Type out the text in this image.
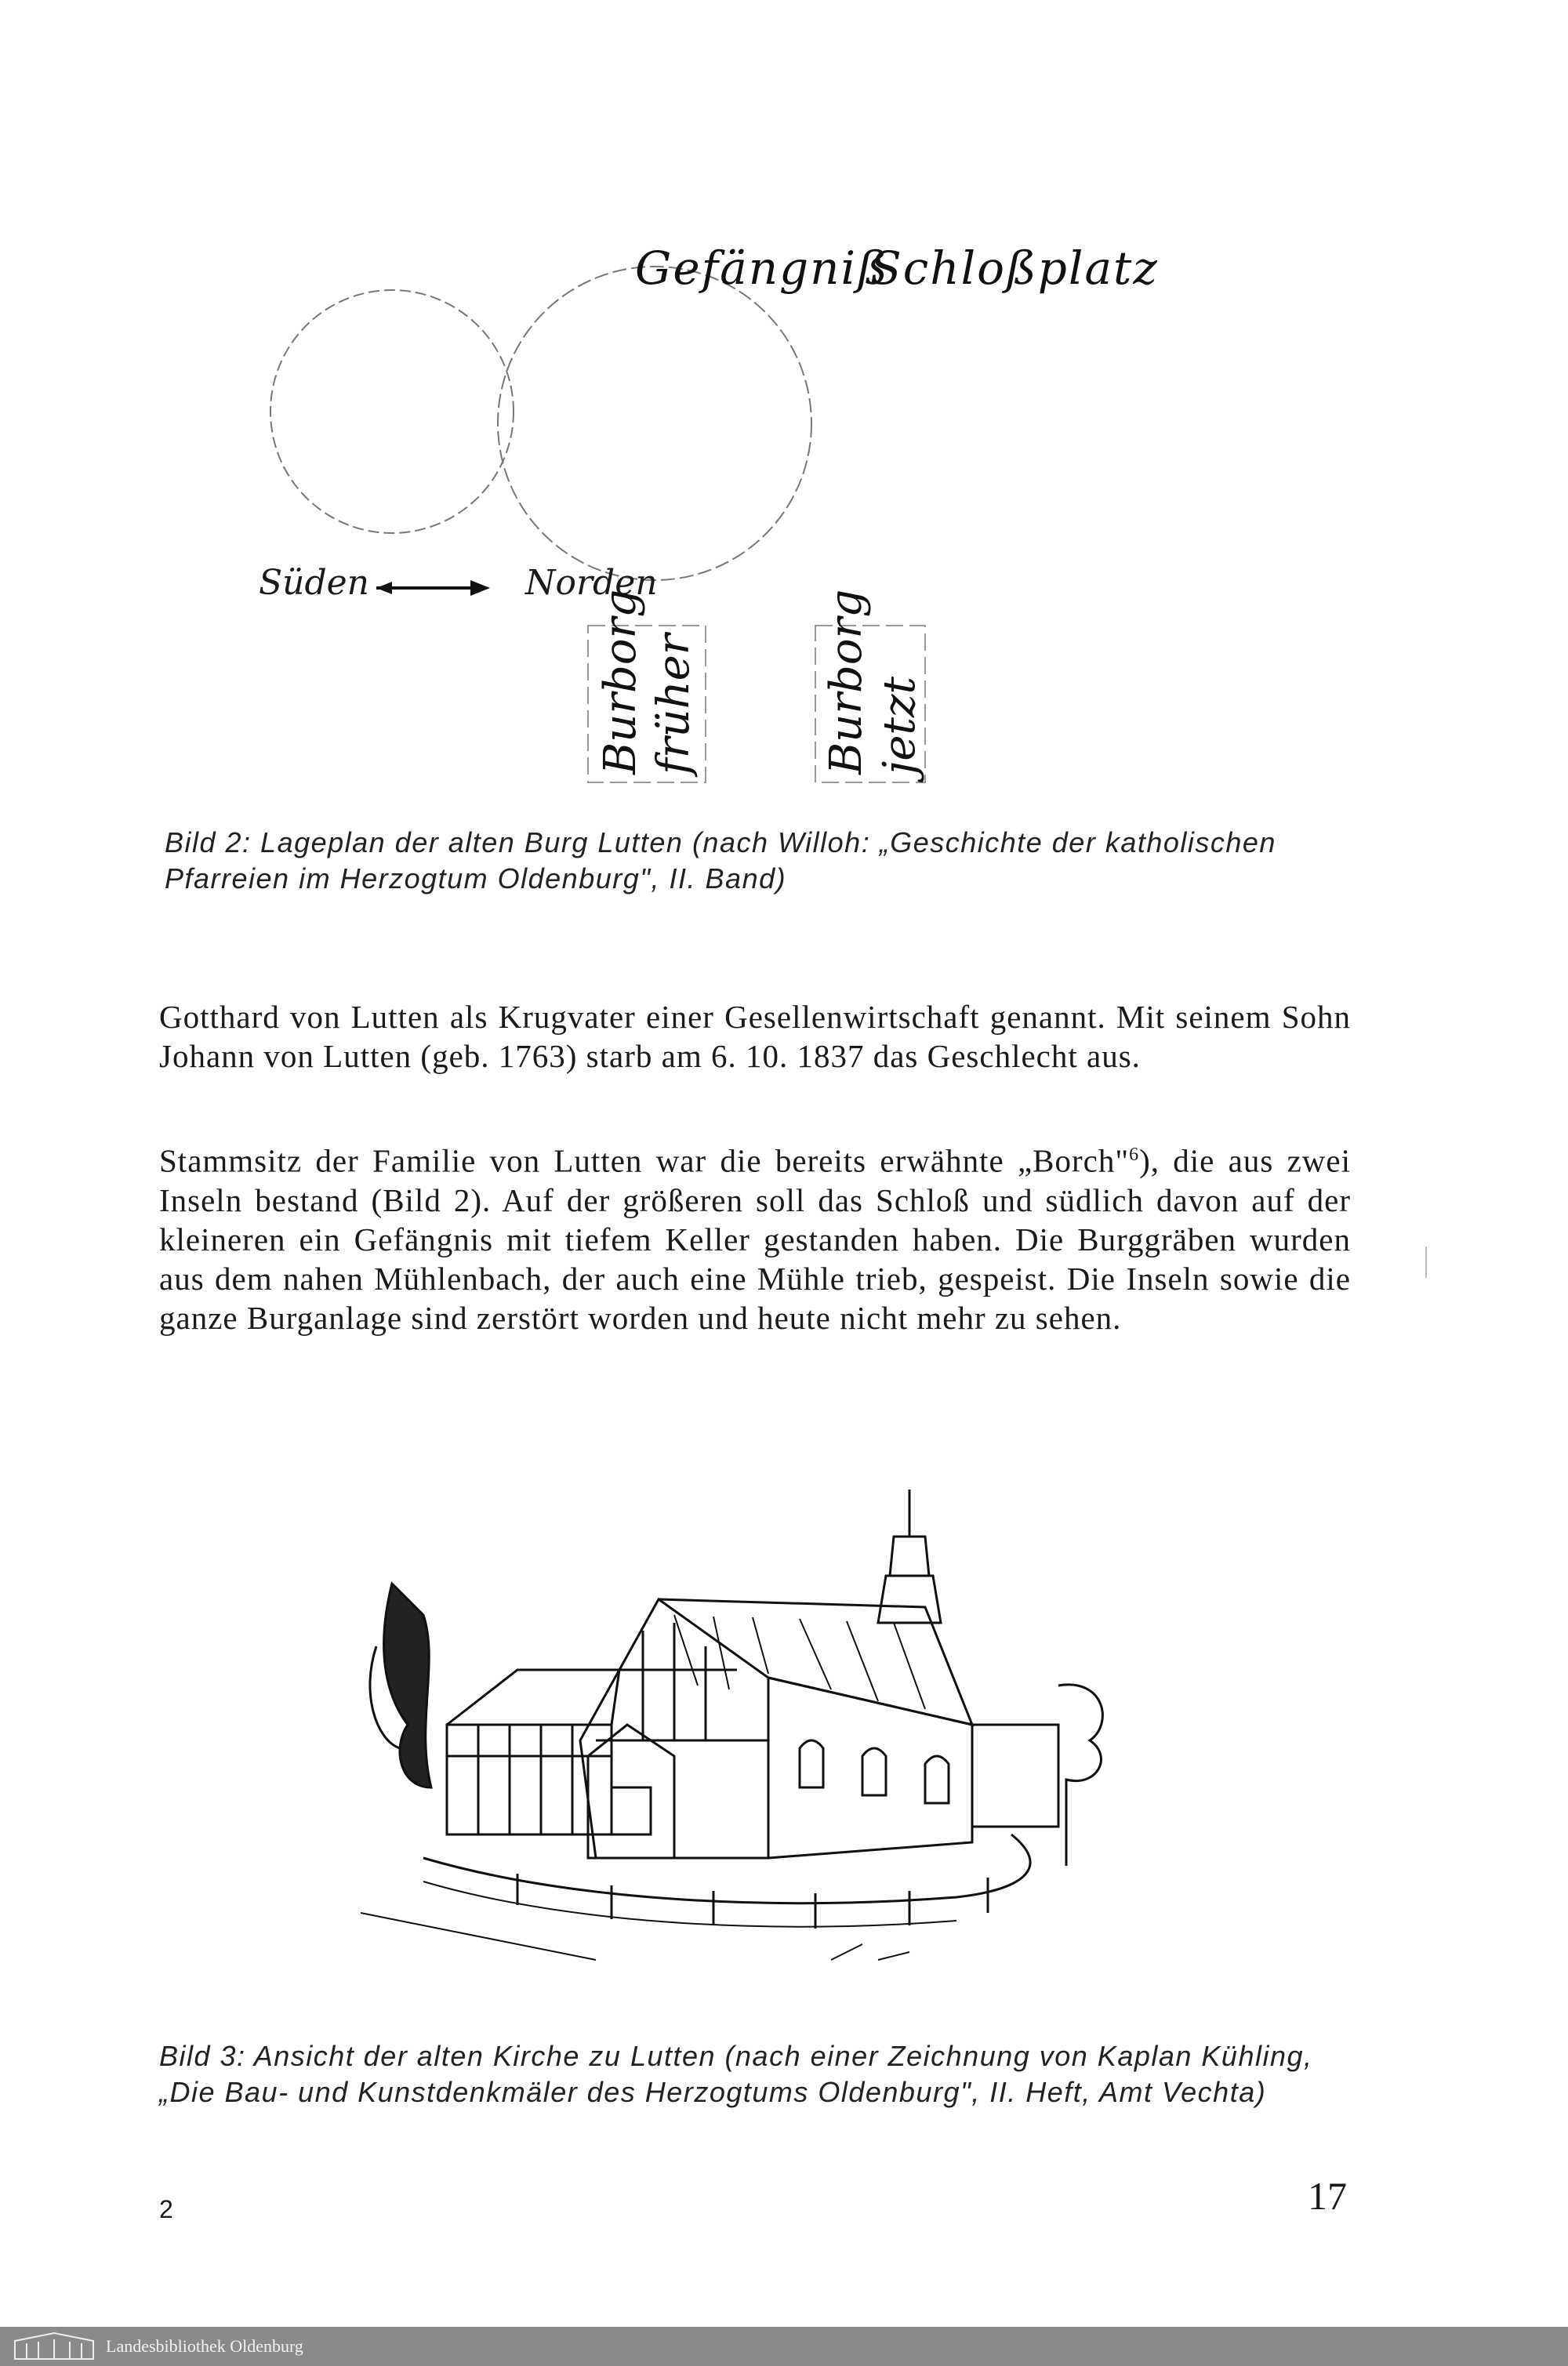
Gefängniß
Schloßplatz
Süden	Norden
Burborg früher	Burborg jetzt
Bild 2: Lageplan der alten Burg Lutten (nach Willoh: „Geschichte der katholischen Pfarreien im Herzogtum Oldenburg", II. Band)

Gotthard von Lutten als Krugvater einer Gesellenwirtschaft genannt. Mit seinem Sohn Johann von Lutten (geb. 1763) starb am 6. 10. 1837 das Geschlecht aus.

Stammsitz der Familie von Lutten war die bereits erwähnte „Borch"$^6$), die aus zwei Inseln bestand (Bild 2). Auf der größeren soll das Schloß und südlich davon auf der kleineren ein Gefängnis mit tiefem Keller gestanden haben. Die Burggräben wurden aus dem nahen Mühlenbach, der auch eine Mühle trieb, gespeist. Die Inseln sowie die ganze Burganlage sind zerstört worden und heute nicht mehr zu sehen.

Bild 3: Ansicht der alten Kirche zu Lutten (nach einer Zeichnung von Kaplan Kühling, „Die Bau- und Kunstdenkmäler des Herzogtums Oldenburg", II. Heft, Amt Vechta)
2	17
Landesbibliothek Oldenburg
